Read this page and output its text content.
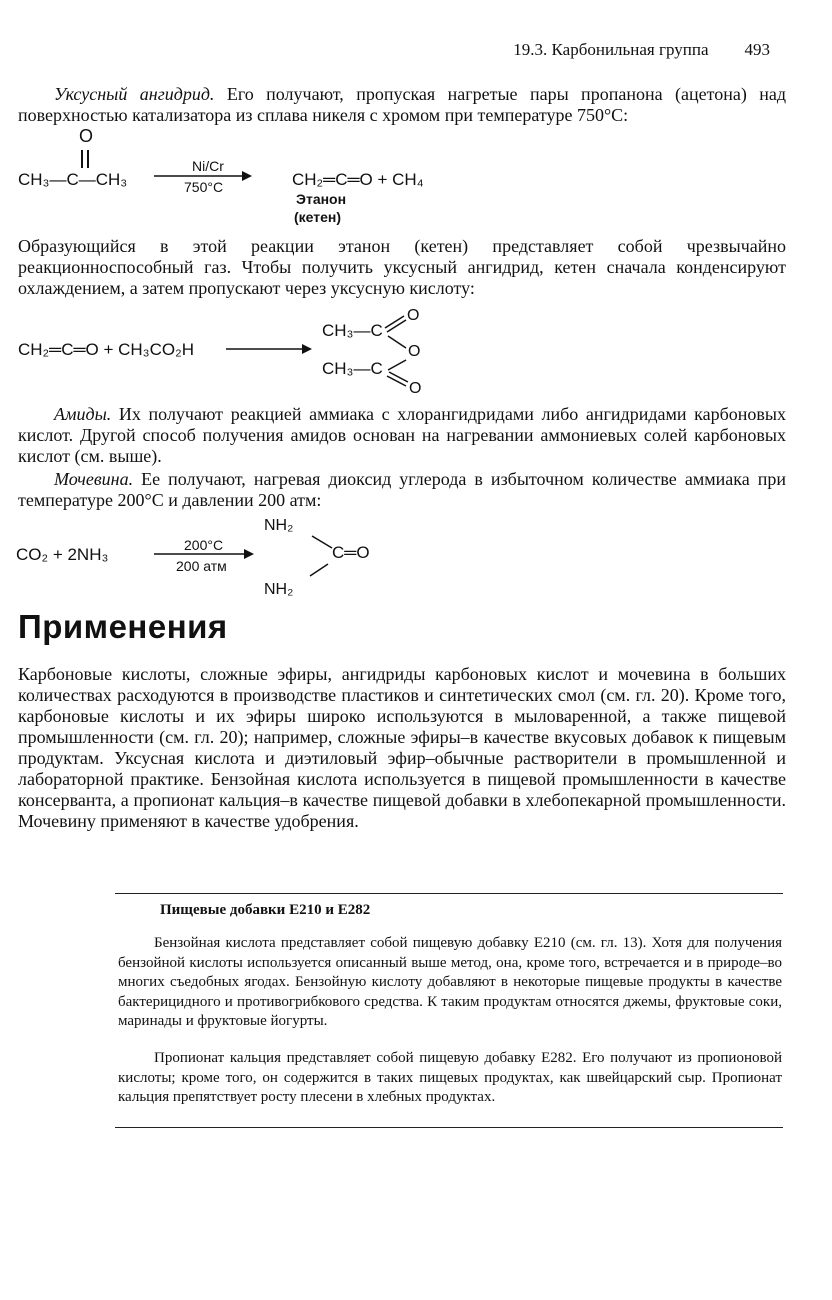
19.3. Карбонильная группа 493

Уксусный ангидрид. Его получают, пропуская нагретые пары пропанона (ацетона) над поверхностью катализатора из сплава никеля с хромом при температуре 750°С:

O
CH₃—C—CH₃
Ni/Cr
750°C	CH₂═C═O + CH₄
Этанон
(кетен)

Образующийся в этой реакции этанон (кетен) представляет собой чрезвычайно реакционноспособный газ. Чтобы получить уксусный ангидрид, кетен сначала конденсируют охлаждением, а затем пропускают через уксусную кислоту:

CH₂═C═O + CH₃CO₂H
CH₃—C
O
O
CH₃—C
O

Амиды. Их получают реакцией аммиака с хлорангидридами либо ангидридами карбоновых кислот. Другой способ получения амидов основан на нагревании аммониевых солей карбоновых кислот (см. выше).

Мочевина. Ее получают, нагревая диоксид углерода в избыточном количестве аммиака при температуре 200°С и давлении 200 атм:

NH₂
CO₂ + 2NH₃	200°C
200 атм
C═O
NH₂
Применения

Карбоновые кислоты, сложные эфиры, ангидриды карбоновых кислот и мочевина в больших количествах расходуются в производстве пластиков и синтетических смол (см. гл. 20). Кроме того, карбоновые кислоты и их эфиры широко используются в мыловаренной, а также пищевой промышленности (см. гл. 20); например, сложные эфиры–в качестве вкусовых добавок к пищевым продуктам. Уксусная кислота и диэтиловый эфир–обычные растворители в промышленной и лабораторной практике. Бензойная кислота используется в пищевой промышленности в качестве консерванта, а пропионат кальция–в качестве пищевой добавки в хлебопекарной промышленности. Мочевину применяют в качестве удобрения.

Пищевые добавки E210 и E282

Бензойная кислота представляет собой пищевую добавку E210 (см. гл. 13). Хотя для получения бензойной кислоты используется описанный выше метод, она, кроме того, встречается и в природе–во многих съедобных ягодах. Бензойную кислоту добавляют в некоторые пищевые продукты в качестве бактерицидного и противогрибкового средства. К таким продуктам относятся джемы, фруктовые соки, маринады и фруктовые йогурты.

Пропионат кальция представляет собой пищевую добавку E282. Его получают из пропионовой кислоты; кроме того, он содержится в таких пищевых продуктах, как швейцарский сыр. Пропионат кальция препятствует росту плесени в хлебных продуктах.
